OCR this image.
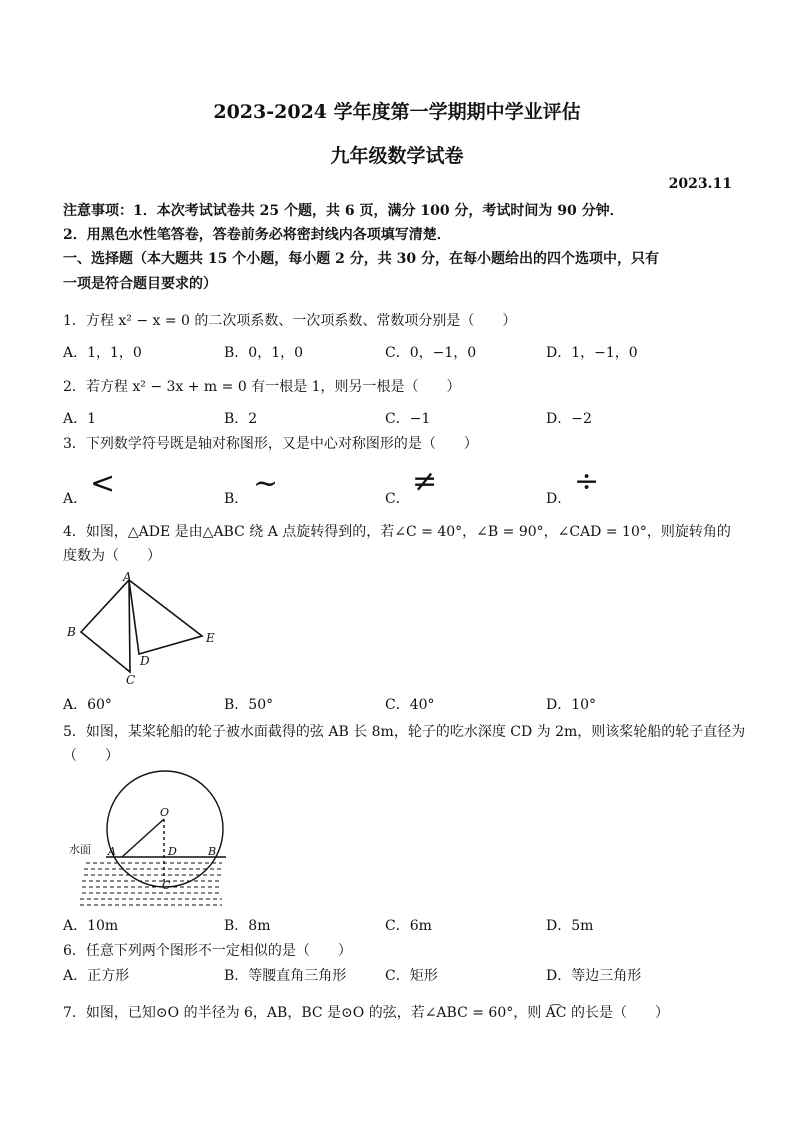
2023-2024 学年度第一学期期中学业评估
九年级数学试卷
2023.11
注意事项：1．本次考试试卷共 25 个题，共 6 页，满分 100 分，考试时间为 90 分钟．
2．用黑色水性笔答卷，答卷前务必将密封线内各项填写清楚．
一、选择题（本大题共 15 个小题，每小题 2 分，共 30 分，在每小题给出的四个选项中，只有
一项是符合题目要求的）
1．方程 x² − x = 0 的二次项系数、一次项系数、常数项分别是（　　）
A．1，1，0	B．0，1，0	C．0，−1，0	D．1，−1，0
2．若方程 x² − 3x + m = 0 有一根是 1，则另一根是（　　）
A．1	B．2	C．−1	D．−2
3．下列数学符号既是轴对称图形，又是中心对称图形的是（　　）
A． <	B． ~	C． ≠	D． ÷
4．如图，△ADE 是由△ABC 绕 A 点旋转得到的，若∠C = 40°，∠B = 90°，∠CAD = 10°，则旋转角的
度数为（　　）
A
B
C
D
E
A．60°	B．50°	C．40°	D．10°
5．如图，某桨轮船的轮子被水面截得的弦 AB 长 8m，轮子的吃水深度 CD 为 2m，则该桨轮船的轮子直径为
（　　）
O
水面 A	D	B
C
A．10m	B．8m	C．6m	D．5m
6．任意下列两个图形不一定相似的是（　　）
A．正方形	B．等腰直角三角形	C．矩形	D．等边三角形
7．如图，已知⊙O 的半径为 6，AB，BC 是⊙O 的弦，若∠ABC = 60°，则 A͡C 的长是（　　）
